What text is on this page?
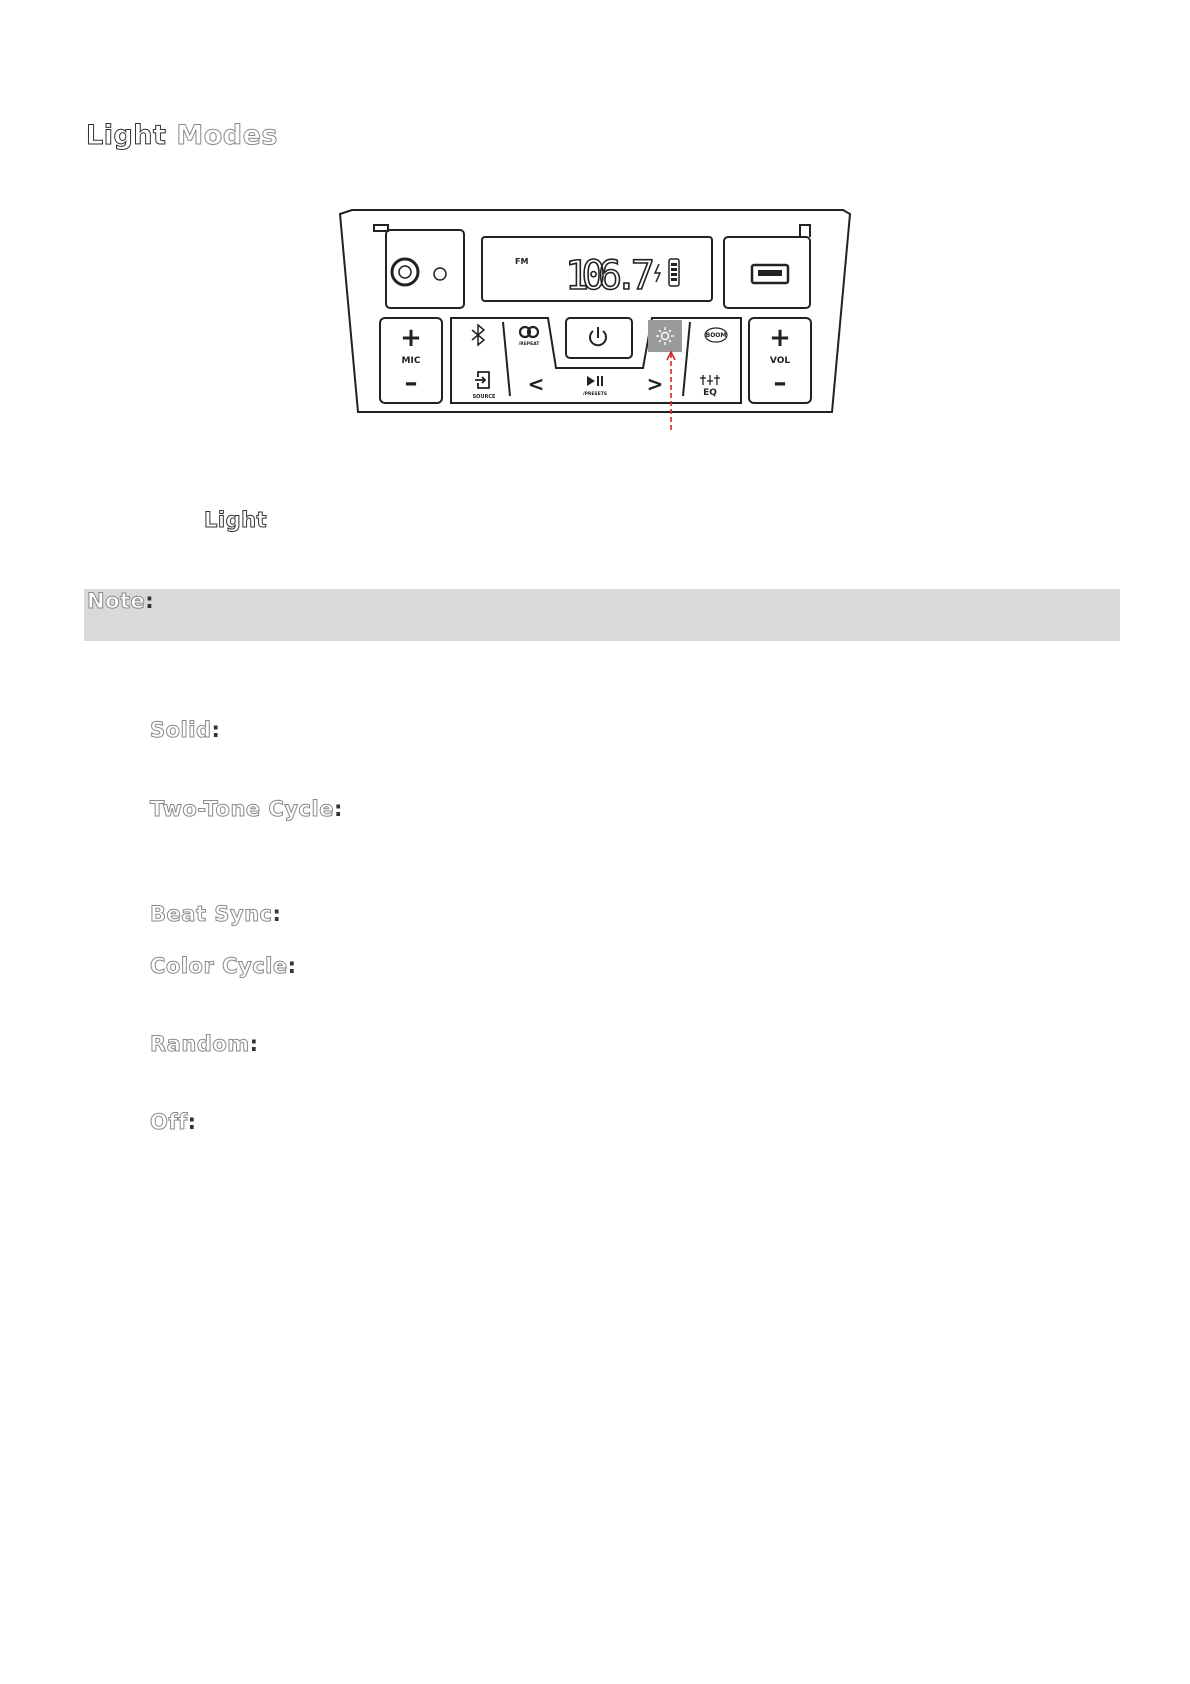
Light Modes
FM 106.7
+
MIC
–
+
VOL
–
/REPEAT
BOOM
SOURCE
<	/PRESETS >	EQ
Light
Note:
Solid:
Two-Tone Cycle:
Beat Sync:
Color Cycle:
Random:
Off:
